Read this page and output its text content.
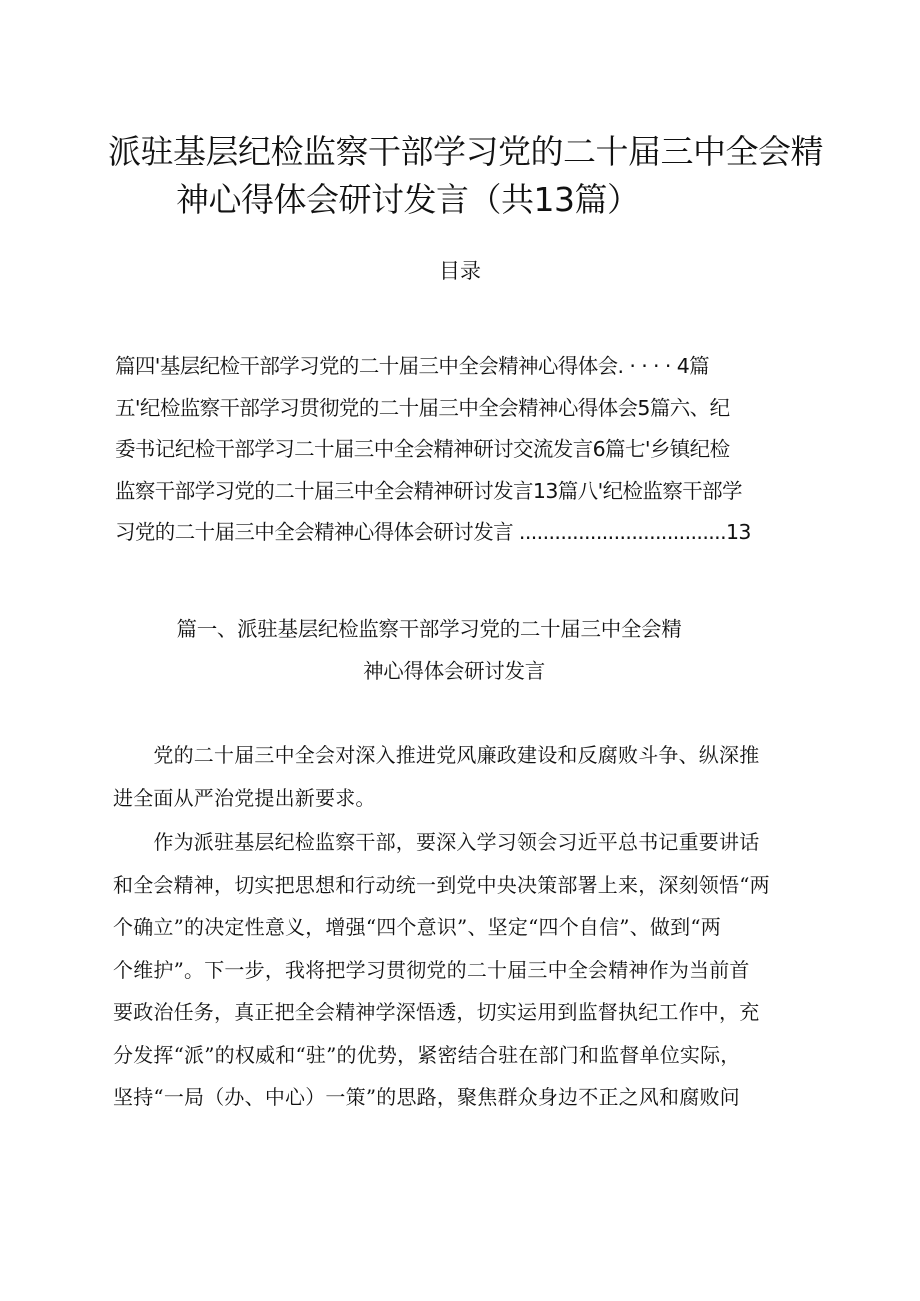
派驻基层纪检监察干部学习党的二十届三中全会精
神心得体会研讨发言（共13篇）
目录
篇四'基层纪检干部学习党的二十届三中全会精神心得体会. · · · · 4篇
五'纪检监察干部学习贯彻党的二十届三中全会精神心得体会5篇六、纪
委书记纪检干部学习二十届三中全会精神研讨交流发言6篇七'乡镇纪检
监察干部学习党的二十届三中全会精神研讨发言13篇八'纪检监察干部学
习党的二十届三中全会精神心得体会研讨发言 ...................................13
篇一、派驻基层纪检监察干部学习党的二十届三中全会精
神心得体会研讨发言
　　党的二十届三中全会对深入推进党风廉政建设和反腐败斗争、纵深推
进全面从严治党提出新要求。
　　作为派驻基层纪检监察干部，要深入学习领会习近平总书记重要讲话
和全会精神，切实把思想和行动统一到党中央决策部署上来，深刻领悟“两
个确立”的决定性意义，增强“四个意识”、坚定“四个自信”、做到“两
个维护”。下一步，我将把学习贯彻党的二十届三中全会精神作为当前首
要政治任务，真正把全会精神学深悟透，切实运用到监督执纪工作中，充
分发挥“派”的权威和“驻”的优势，紧密结合驻在部门和监督单位实际，
坚持“一局（办、中心）一策”的思路，聚焦群众身边不正之风和腐败问
